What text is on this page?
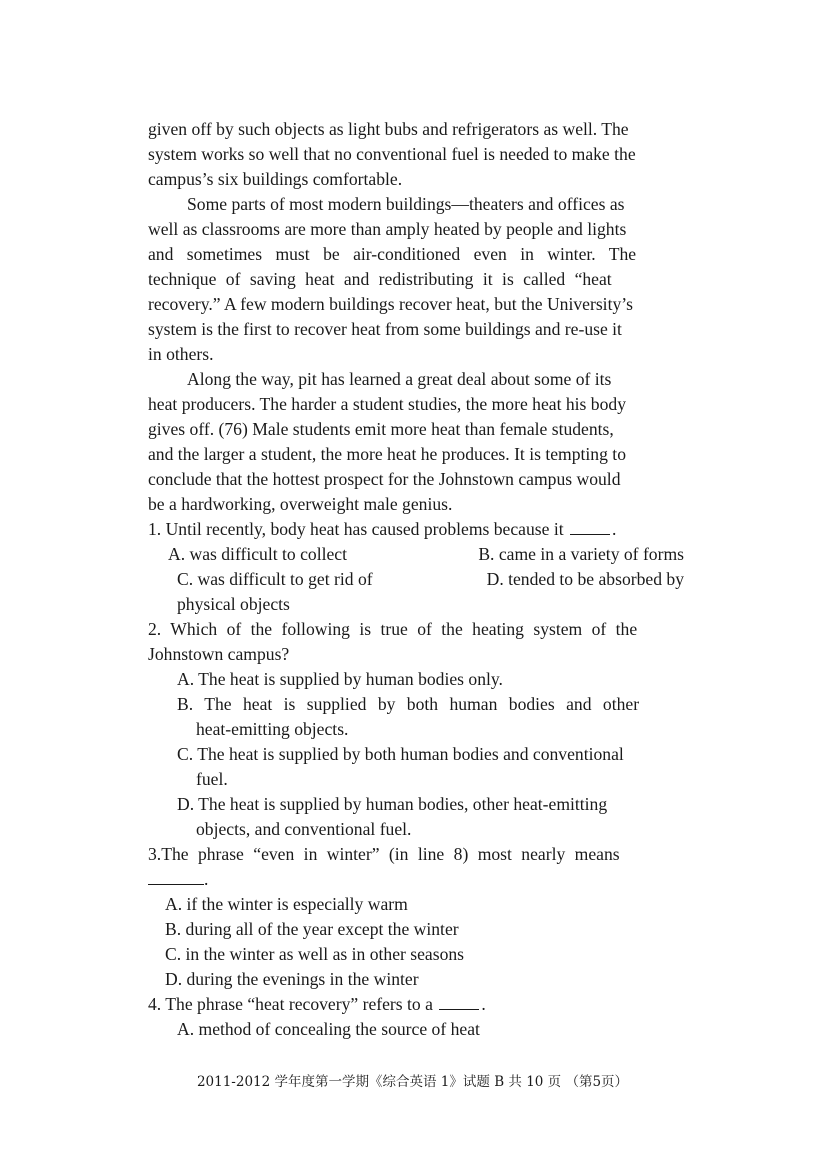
given off by such objects as light bubs and refrigerators as well. The
system works so well that no conventional fuel is needed to make the
campus’s six buildings comfortable.
Some parts of most modern buildings—theaters and offices as
well as classrooms are more than amply heated by people and lights
and sometimes must be air-conditioned even in winter. The
technique of saving heat and redistributing it is called “heat
recovery.” A few modern buildings recover heat, but the University’s
system is the first to recover heat from some buildings and re-use it
in others.
Along the way, pit has learned a great deal about some of its
heat producers. The harder a student studies, the more heat his body
gives off. (76) Male students emit more heat than female students,
and the larger a student, the more heat he produces. It is tempting to
conclude that the hottest prospect for the Johnstown campus would
be a hardworking, overweight male genius.
1. Until recently, body heat has caused problems because it	.
A. was difficult to collect	B. came in a variety of forms
C. was difficult to get rid of	D. tended to be absorbed by
physical objects
2. Which of the following is true of the heating system of the
Johnstown campus?
A. The heat is supplied by human bodies only.
B. The heat is supplied by both human bodies and other
heat-emitting objects.
C. The heat is supplied by both human bodies and conventional
fuel.
D. The heat is supplied by human bodies, other heat-emitting
objects, and conventional fuel.
3.The phrase “even in winter” (in line 8) most nearly means
.
A. if the winter is especially warm
B. during all of the year except the winter
C. in the winter as well as in other seasons
D. during the evenings in the winter
4. The phrase “heat recovery” refers to a	.
A. method of concealing the source of heat
2011-2012 学年度第一学期《综合英语 1》试题 B 共 10 页 （第5页）
